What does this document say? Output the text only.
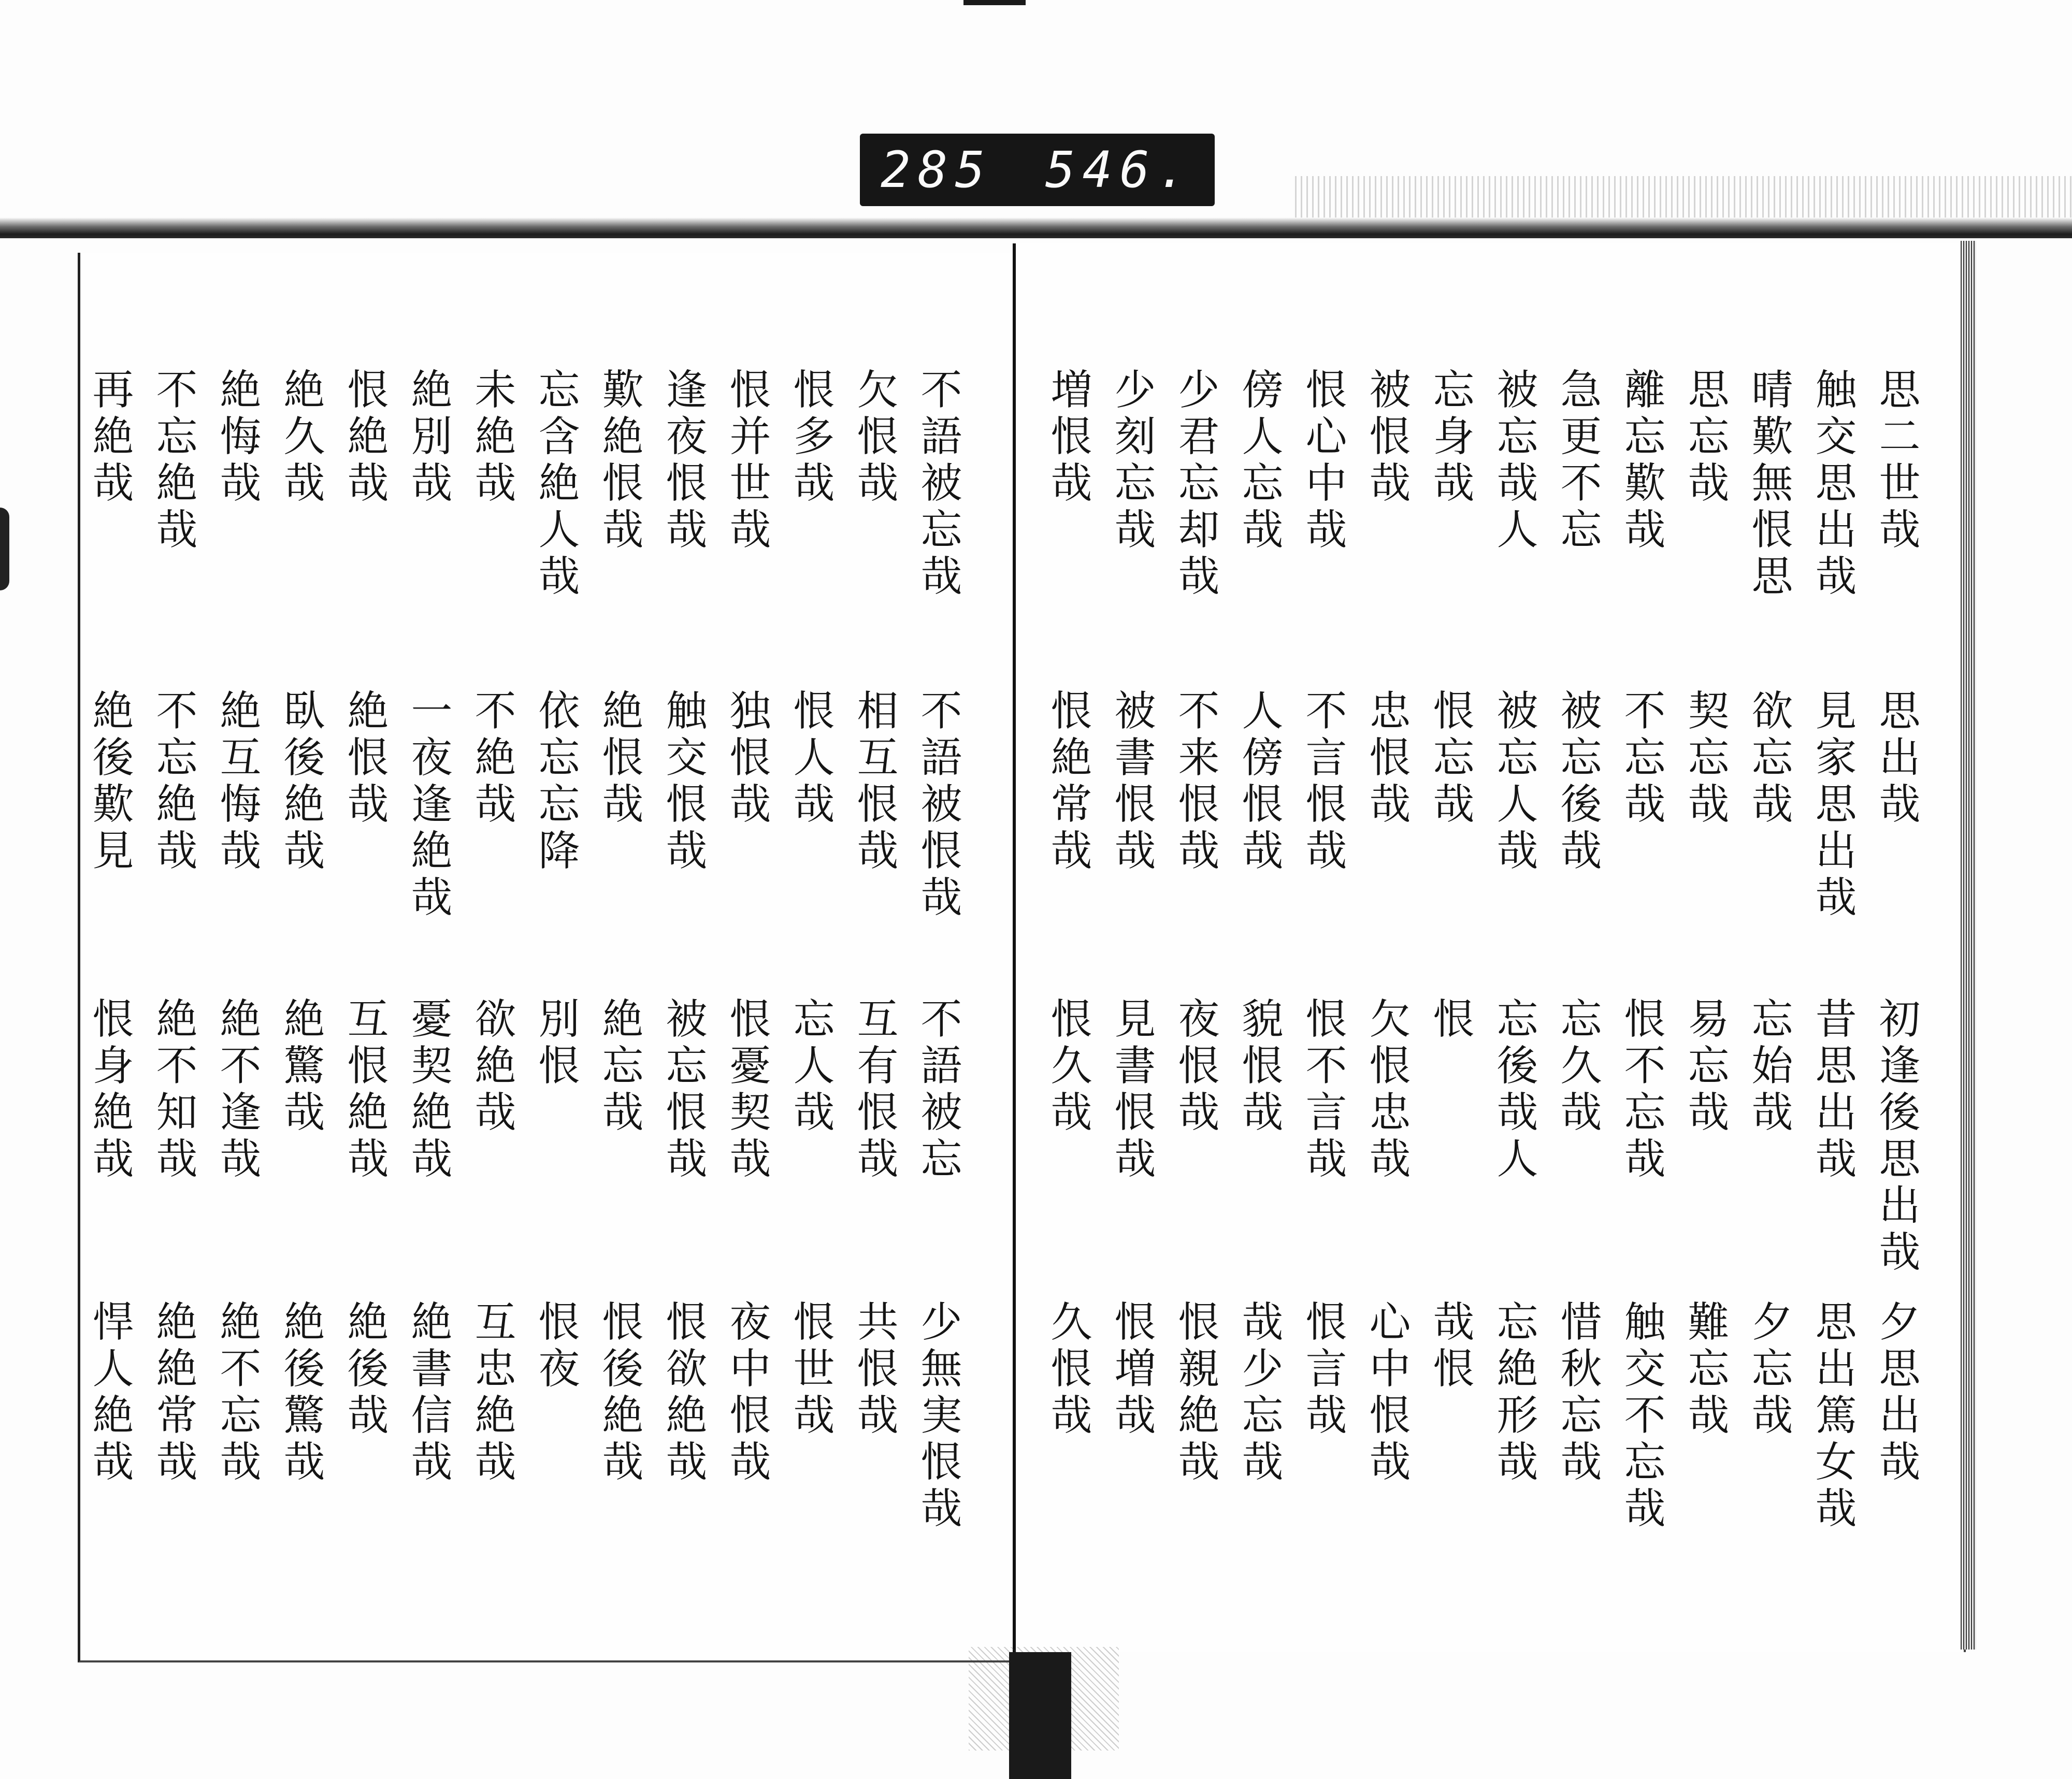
285 546.
思二世哉
触交思出哉
晴歎無恨思
思忘哉
離忘歎哉
急更不忘
被忘哉人
忘身哉
被恨哉
恨心中哉
傍人忘哉
少君忘却哉
少刻忘哉
増恨哉
思出哉
見家思出哉
欲忘哉
契忘哉
不忘哉
被忘後哉
被忘人哉
恨忘哉
忠恨哉
不言恨哉
人傍恨哉
不来恨哉
被書恨哉
恨絶常哉
初逢後思出哉
昔思出哉
忘始哉
易忘哉
恨不忘哉
忘久哉
忘後哉人
恨
欠恨忠哉
恨不言哉
貌恨哉
夜恨哉
見書恨哉
恨久哉
夕思出哉
思出篤女哉
夕忘哉
難忘哉
触交不忘哉
惜秋忘哉
忘絶形哉
哉恨
心中恨哉
恨言哉
哉少忘哉
恨親絶哉
恨増哉
久恨哉
不語被忘哉
欠恨哉
恨多哉
恨并世哉
逢夜恨哉
歎絶恨哉
忘含絶人哉
未絶哉
絶別哉
恨絶哉
絶久哉
絶悔哉
不忘絶哉
再絶哉
不語被恨哉
相互恨哉
恨人哉
独恨哉
触交恨哉
絶恨哉
依忘忘降
不絶哉
一夜逢絶哉
絶恨哉
臥後絶哉
絶互悔哉
不忘絶哉
絶後歎見
不語被忘
互有恨哉
忘人哉
恨憂契哉
被忘恨哉
絶忘哉
別恨
欲絶哉
憂契絶哉
互恨絶哉
絶驚哉
絶不逢哉
絶不知哉
恨身絶哉
少無実恨哉
共恨哉
恨世哉
夜中恨哉
恨欲絶哉
恨後絶哉
恨夜
互忠絶哉
絶書信哉
絶後哉
絶後驚哉
絶不忘哉
絶絶常哉
悍人絶哉
